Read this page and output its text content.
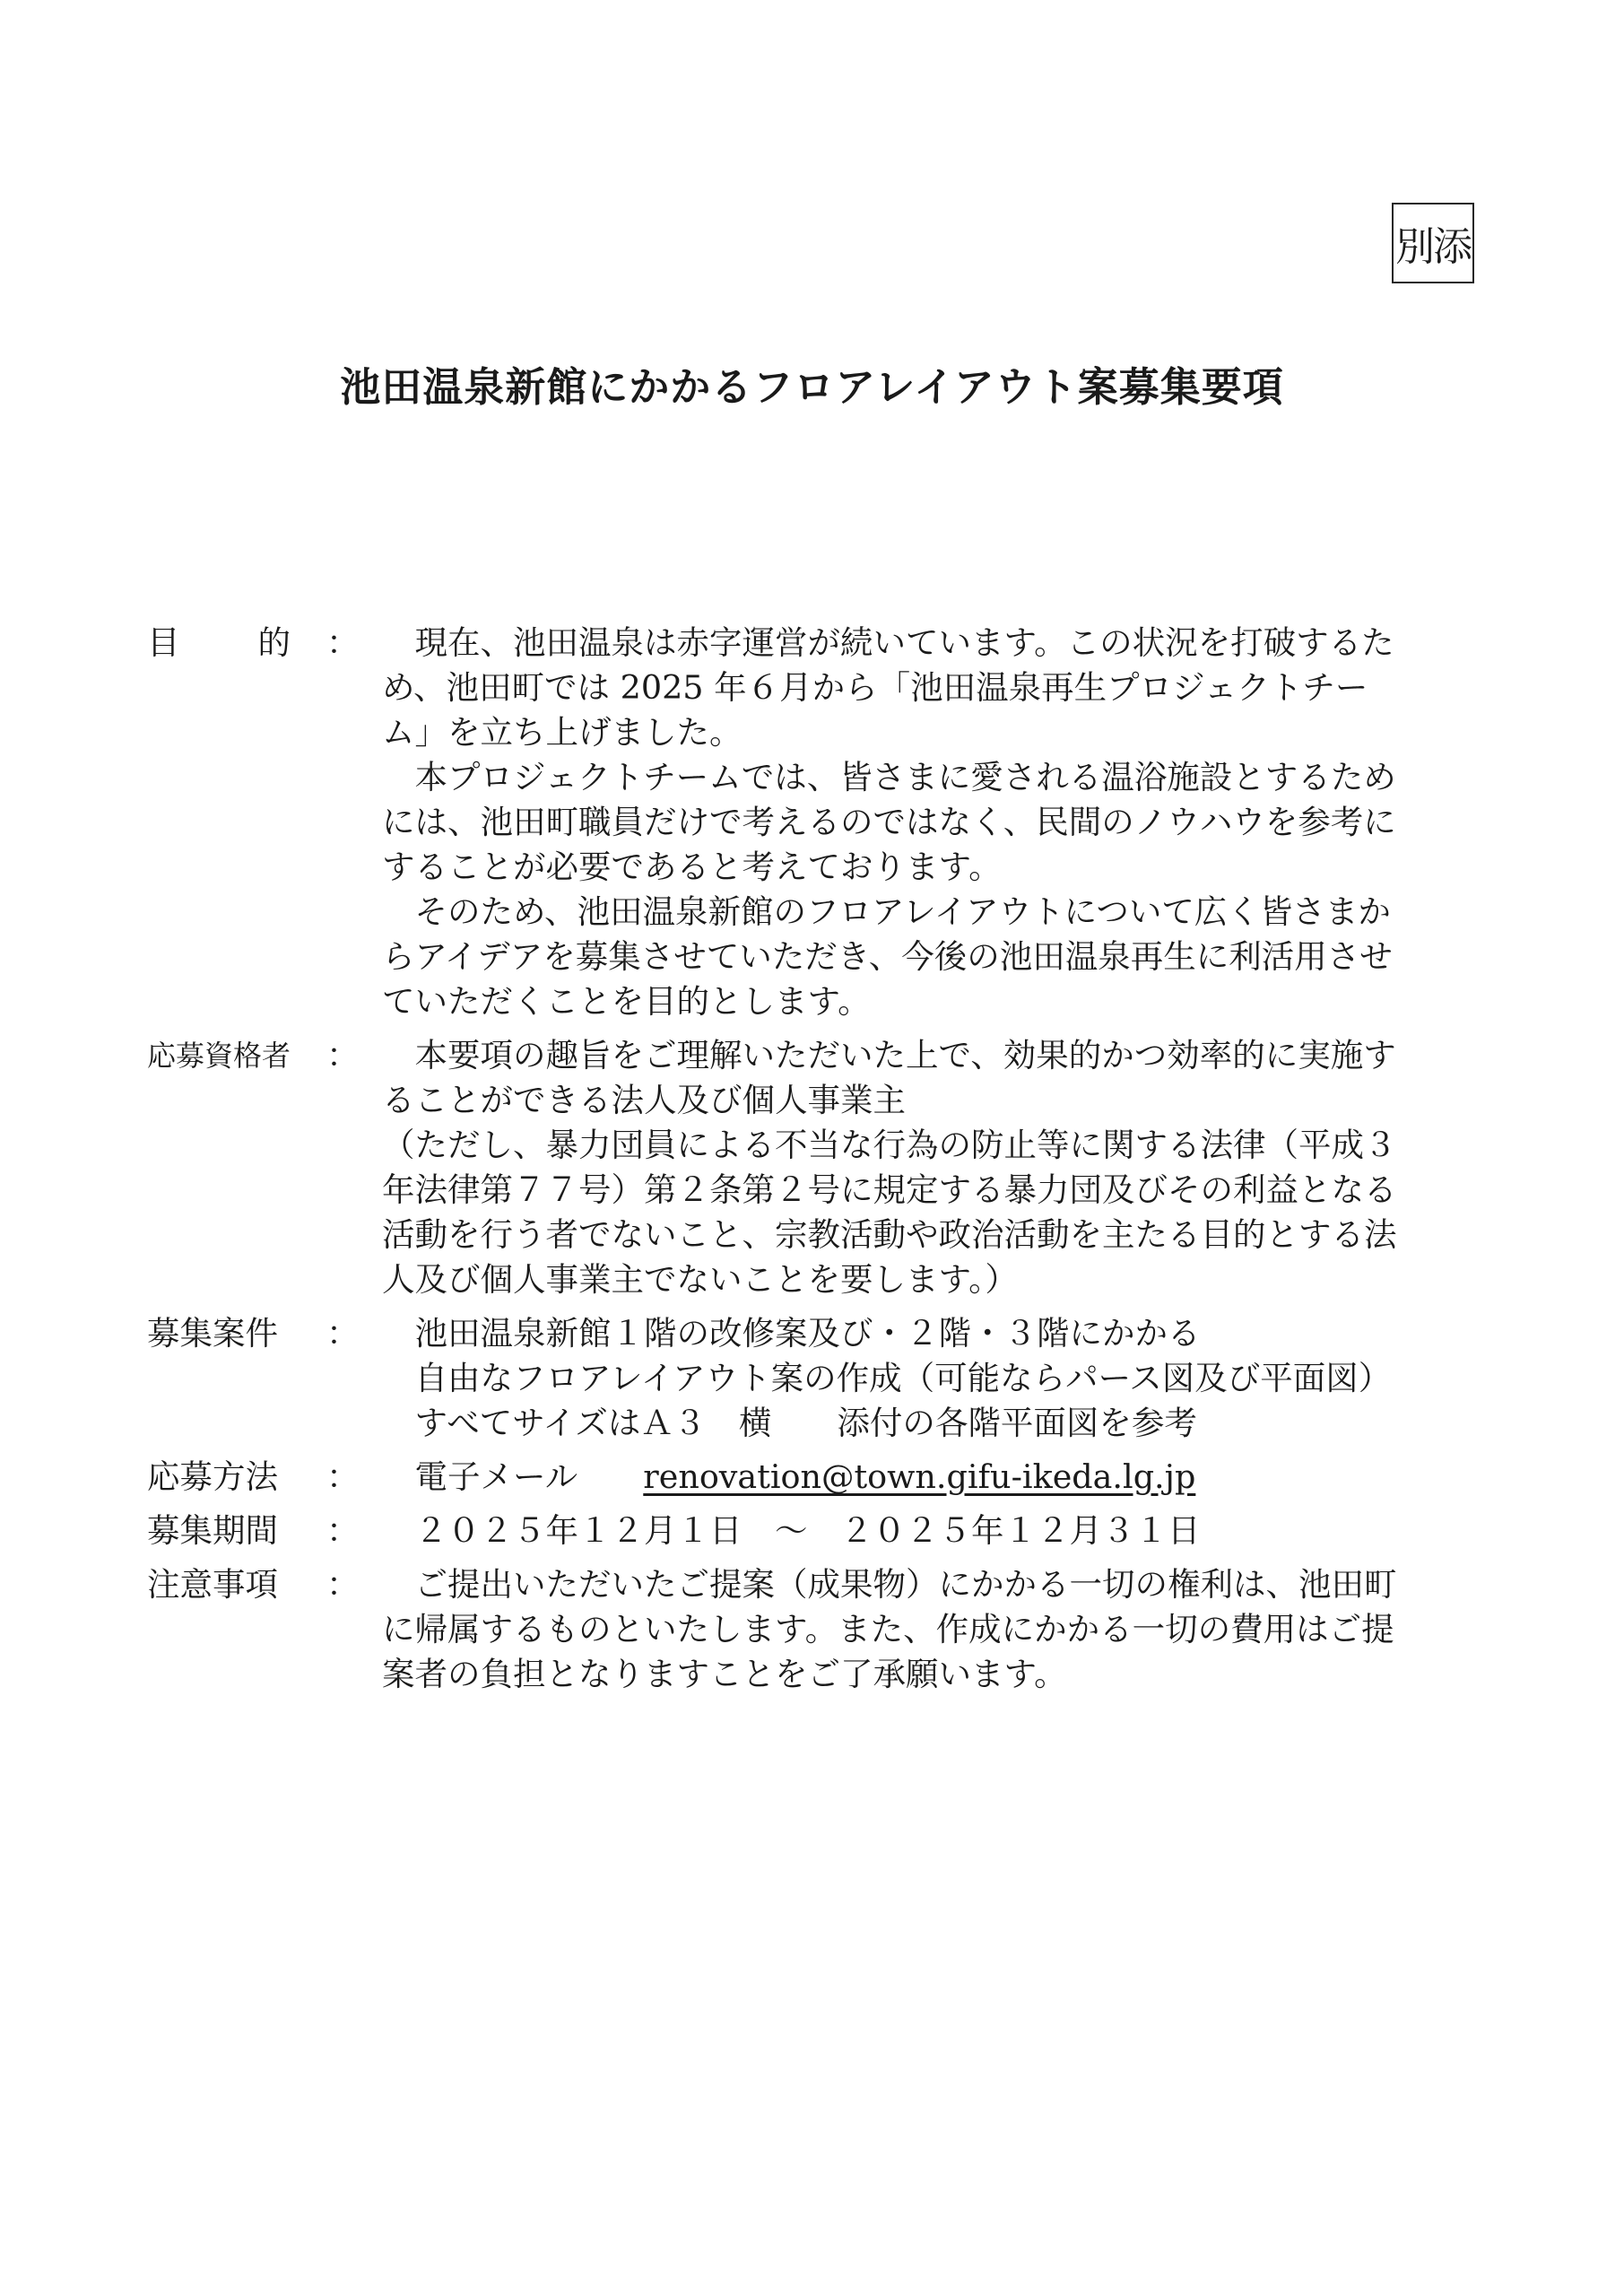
別添
池田温泉新館にかかるフロアレイアウト案募集要項
目 的 ： 　現在、池田温泉は赤字運営が続いています。この状況を打破するた
め、池田町では 2025 年６月から「池田温泉再生プロジェクトチー
ム」を立ち上げました。
　本プロジェクトチームでは、皆さまに愛される温浴施設とするため
には、池田町職員だけで考えるのではなく、民間のノウハウを参考に
することが必要であると考えております。
　そのため、池田温泉新館のフロアレイアウトについて広く皆さまか
らアイデアを募集させていただき、今後の池田温泉再生に利活用させ
ていただくことを目的とします。
応募資格者	： 　本要項の趣旨をご理解いただいた上で、効果的かつ効率的に実施す
ることができる法人及び個人事業主
（ただし、暴力団員による不当な行為の防止等に関する法律（平成３
年法律第７７号）第２条第２号に規定する暴力団及びその利益となる
活動を行う者でないこと、宗教活動や政治活動を主たる目的とする法
人及び個人事業主でないことを要します。）
募集案件	： 　池田温泉新館１階の改修案及び・２階・３階にかかる
　自由なフロアレイアウト案の作成（可能ならパース図及び平面図）
　すべてサイズはＡ３　横　　添付の各階平面図を参考
応募方法	： 　電子メール　　renovation@town.gifu-ikeda.lg.jp
募集期間	： 　２０２５年１２月１日　～　２０２５年１２月３１日
注意事項	： 　ご提出いただいたご提案（成果物）にかかる一切の権利は、池田町
に帰属するものといたします。また、作成にかかる一切の費用はご提
案者の負担となりますことをご了承願います。
